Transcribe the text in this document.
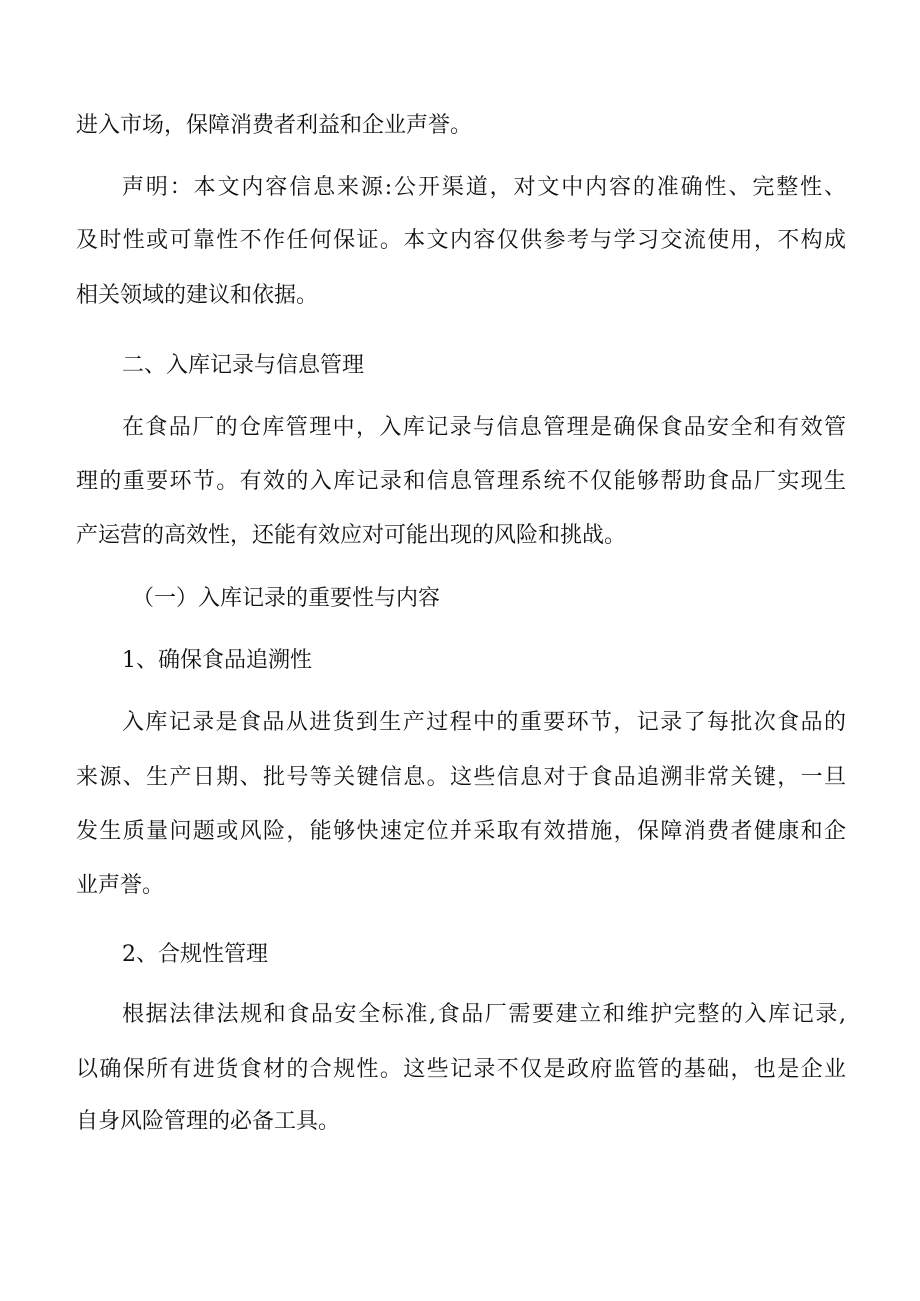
进入市场，保障消费者利益和企业声誉。
声明：本文内容信息来源:公开渠道，对文中内容的准确性、完整性、
及时性或可靠性不作任何保证。本文内容仅供参考与学习交流使用，不构成
相关领域的建议和依据。
二、入库记录与信息管理
在食品厂的仓库管理中，入库记录与信息管理是确保食品安全和有效管
理的重要环节。有效的入库记录和信息管理系统不仅能够帮助食品厂实现生
产运营的高效性，还能有效应对可能出现的风险和挑战。
（一）入库记录的重要性与内容
1、确保食品追溯性
入库记录是食品从进货到生产过程中的重要环节，记录了每批次食品的
来源、生产日期、批号等关键信息。这些信息对于食品追溯非常关键，一旦
发生质量问题或风险，能够快速定位并采取有效措施，保障消费者健康和企
业声誉。
2、合规性管理
根据法律法规和食品安全标准,食品厂需要建立和维护完整的入库记录,
以确保所有进货食材的合规性。这些记录不仅是政府监管的基础，也是企业
自身风险管理的必备工具。
